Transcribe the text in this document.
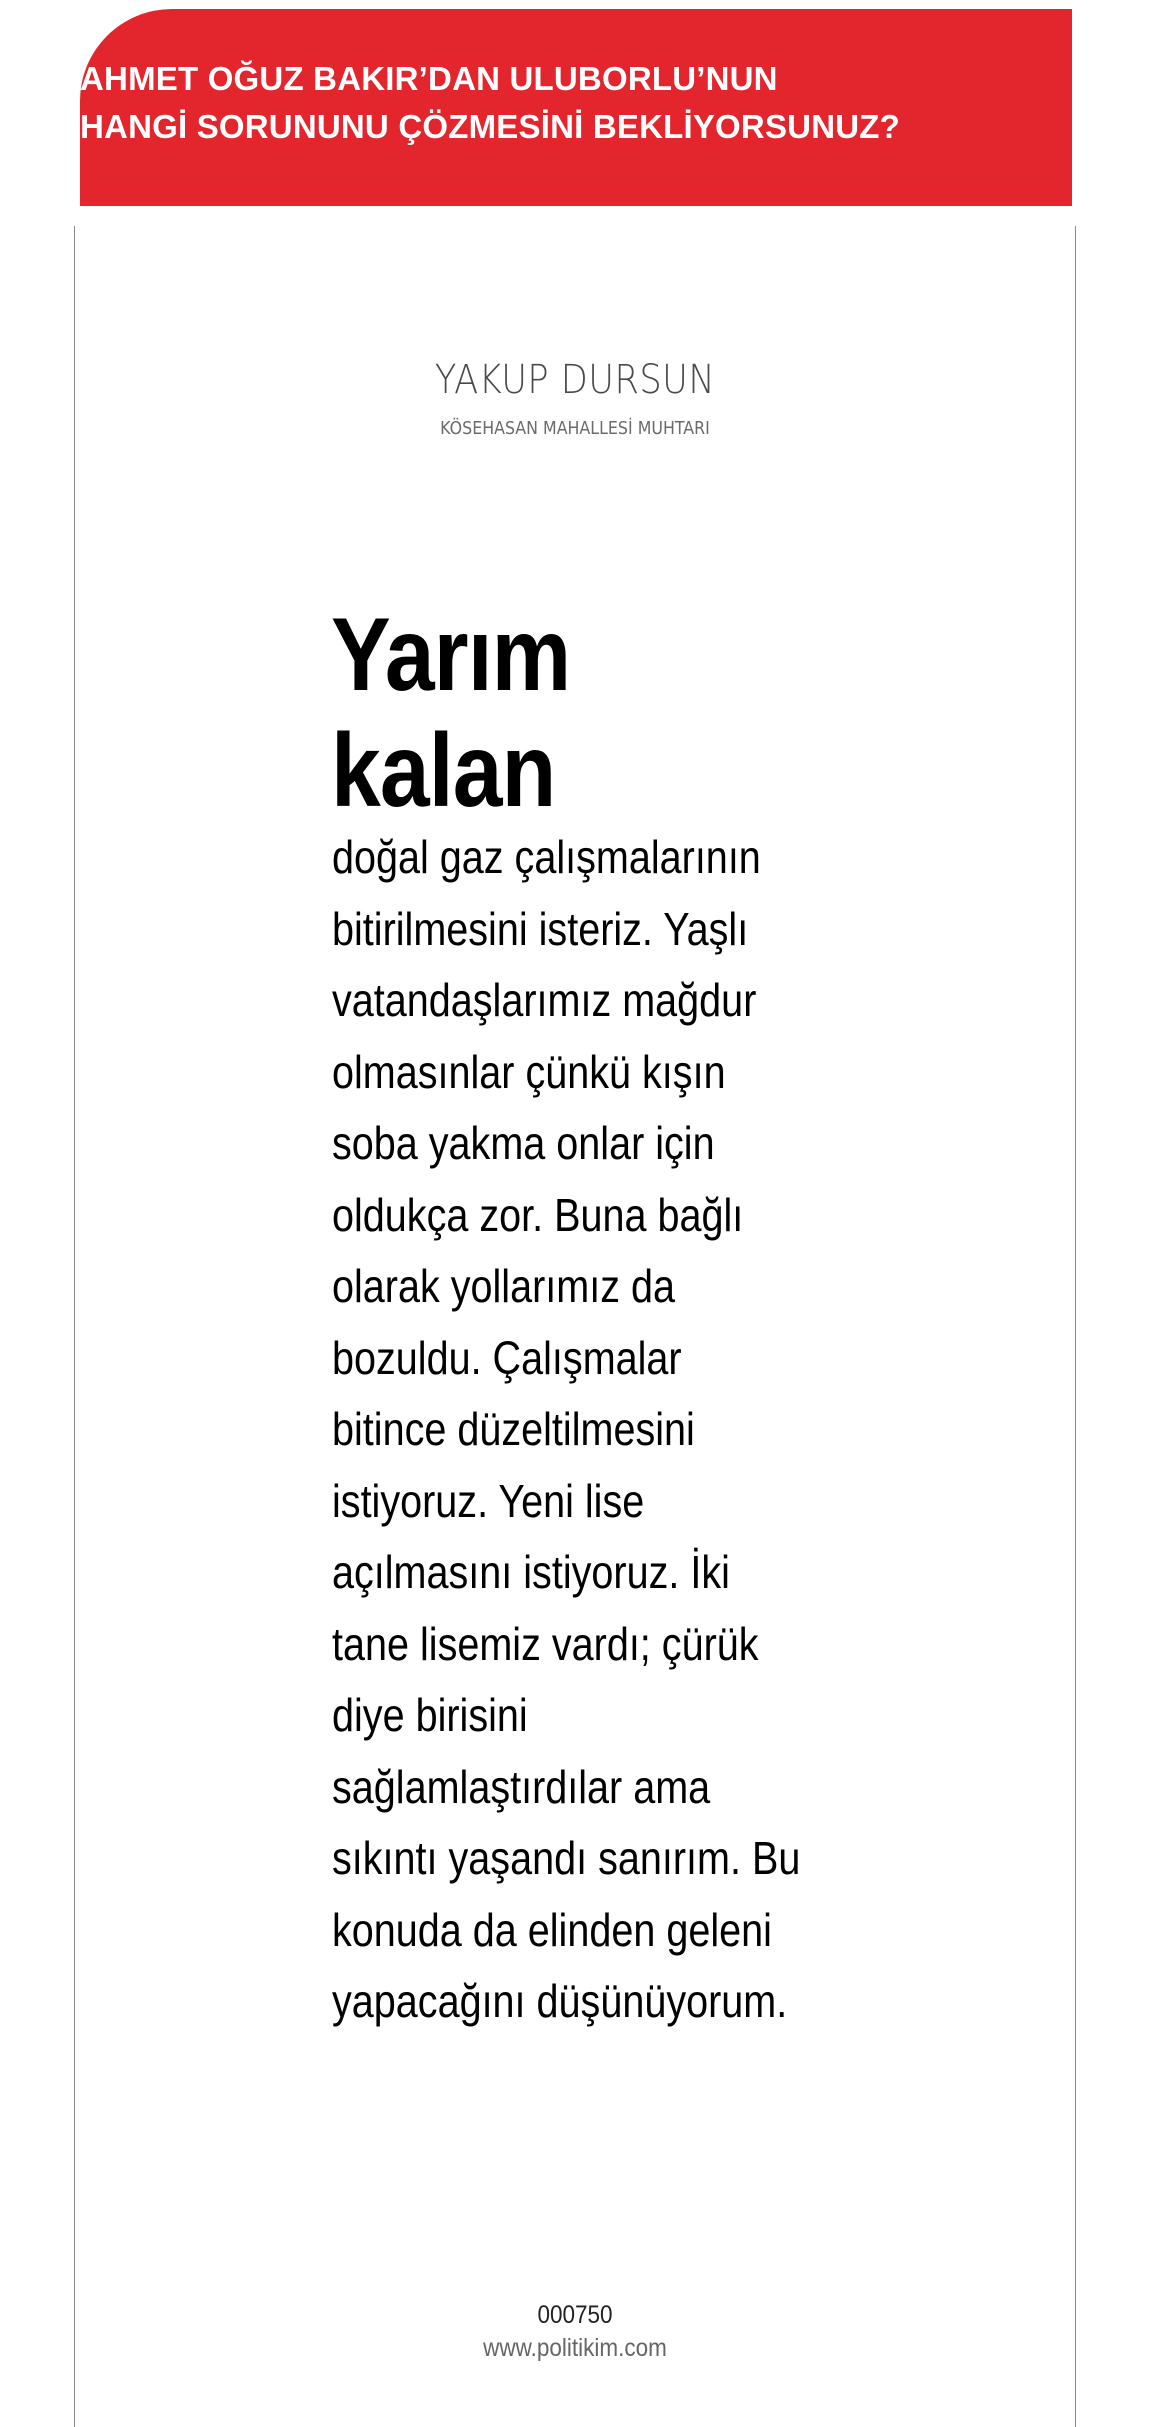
AHMET OĞUZ BAKIR’DAN ULUBORLU’NUN
HANGİ SORUNUNU ÇÖZMESİNİ BEKLİYORSUNUZ?
YAKUP DURSUN
KÖSEHASAN MAHALLESİ MUHTARI
Yarım
kalan

doğal gaz çalışmalarının
bitirilmesini isteriz. Yaşlı
vatandaşlarımız mağdur
olmasınlar çünkü kışın
soba yakma onlar için
oldukça zor. Buna bağlı
olarak yollarımız da
bozuldu. Çalışmalar
bitince düzeltilmesini
istiyoruz. Yeni lise
açılmasını istiyoruz. İki
tane lisemiz vardı; çürük
diye birisini
sağlamlaştırdılar ama
sıkıntı yaşandı sanırım. Bu
konuda da elinden geleni
yapacağını düşünüyorum.

000750
www.politikim.com
